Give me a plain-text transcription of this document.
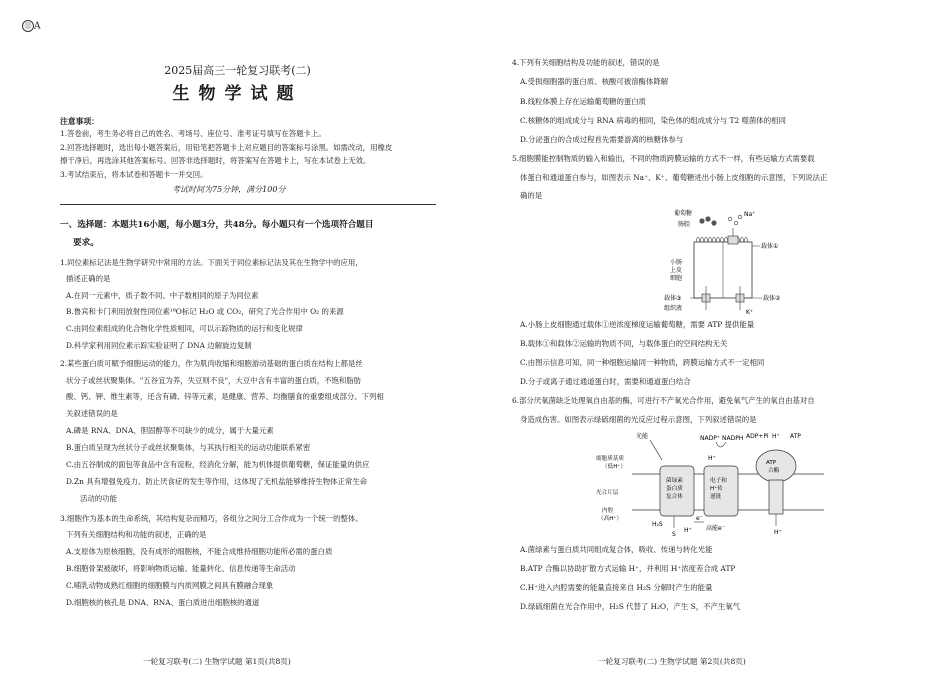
⑪ A
2025届高三一轮复习联考(二)
生物学试题
注意事项：
1.答卷前，考生务必将自己的姓名、考场号、座位号、准考证号填写在答题卡上。
2.回答选择题时，选出每小题答案后，用铅笔把答题卡上对应题目的答案标号涂黑。如需改动，用橡皮
擦干净后，再选涂其他答案标号。回答非选择题时，将答案写在答题卡上，写在本试卷上无效。
3.考试结束后，将本试卷和答题卡一并交回。
考试时间为75分钟，满分100分
一、选择题：本题共16小题，每小题3分，共48分。每小题只有一个选项符合题目
要求。
1.同位素标记法是生物学研究中常用的方法。下面关于同位素标记法及其在生物学中的应用，
描述正确的是
A.在同一元素中，质子数不同、中子数相同的原子为同位素
B.鲁宾和卡门利用放射性同位素¹⁸O标记 H₂O 或 CO₂，研究了光合作用中 O₂ 的来源
C.由同位素组成的化合物化学性质相同，可以示踪物质的运行和变化规律
D.科学家利用同位素示踪实验证明了 DNA 边解旋边复制
2.某些蛋白质可赋予细胞运动的能力，作为肌肉收缩和细胞游动基础的蛋白质在结构上都是丝
状分子或丝状聚集体。"五谷宜为养，失豆则不良"，大豆中含有丰富的蛋白质，不饱和脂肪
酸、钙、钾、维生素等，还含有磷、锌等元素，是健康、营养、均衡膳食的重要组成部分。下列相
关叙述错误的是
A.磷是 RNA、DNA、胆固醇等不可缺少的成分，属于大量元素
B.蛋白质呈现为丝状分子或丝状聚集体，与其执行相关的运动功能联系紧密
C.由五谷制成的面包等食品中含有淀粉，经消化分解，能为机体提供葡萄糖，保证能量的供应
D.Zn 具有增强免疫力、防止厌食症的发生等作用，这体现了无机盐能够维持生物体正常生命
活动的功能
3.细胞作为基本的生命系统，其结构复杂而精巧，各组分之间分工合作成为一个统一的整体。
下列有关细胞结构和功能的叙述，正确的是
A.支原体为原核细胞，没有成形的细胞核，不能合成维持细胞功能所必需的蛋白质
B.细胞骨架被破坏，将影响物质运输、能量转化、信息传递等生命活动
C.哺乳动物成熟红细胞的细胞膜与内质网膜之间具有膜融合现象
D.细胞核的核孔是 DNA、RNA、蛋白质进出细胞核的通道
一轮复习联考(二) 生物学试题 第1页(共8页)
4.下列有关细胞结构及功能的叙述，错误的是
A.受损细胞器的蛋白质、核酸可被溶酶体降解
B.线粒体膜上存在运输葡萄糖的蛋白质
C.核糖体的组成成分与 RNA 病毒的相同，染色体的组成成分与 T2 噬菌体的相同
D.分泌蛋白的合成过程首先需要游离的核糖体参与
5.细胞膜能控制物质的输入和输出，不同的物质跨膜运输的方式不一样，有些运输方式需要载
体蛋白和通道蛋白参与，如图表示 Na⁺、K⁺、葡萄糖进出小肠上皮细胞的示意图，下列说法正
确的是
葡萄糖
肠腔
Na⁺
载体①
小肠
上皮
细胞
载体③
组织液
K⁺
载体②
A.小肠上皮细胞通过载体①逆浓度梯度运输葡萄糖，需要 ATP 提供能量
B.载体①和载体②运输的物质不同，与载体蛋白的空间结构无关
C.由图示信息可知，同一种细胞运输同一种物质，跨膜运输方式不一定相同
D.分子或离子通过通道蛋白时，需要和通道蛋白结合
6.部分厌氧菌缺乏处理氧自由基的酶，可进行不产氧光合作用，避免氧气产生的氧自由基对自
身造成伤害。如图表示绿硫细菌的光反应过程示意图，下列叙述错误的是
光能	NADP⁺ NADPH ADP+Pi H⁺ ATP
细胞质基质
（低H⁺）
光合片层
内腔
（高H⁺）
菌绿素
蛋白质
复合体
电子和
H⁺传
递链
ATP
合酶
H₂S
S
H⁺ 高能e⁻
H⁺
H⁺
e⁻
A.菌绿素与蛋白质共同组成复合体，吸收、传递与转化光能
B.ATP 合酶以协助扩散方式运输 H⁺，并利用 H⁺浓度差合成 ATP
C.H⁺进入内腔需要的能量直接来自 H₂S 分解时产生的能量
D.绿硫细菌在光合作用中，H₂S 代替了 H₂O，产生 S，不产生氧气
一轮复习联考(二) 生物学试题 第2页(共8页)
